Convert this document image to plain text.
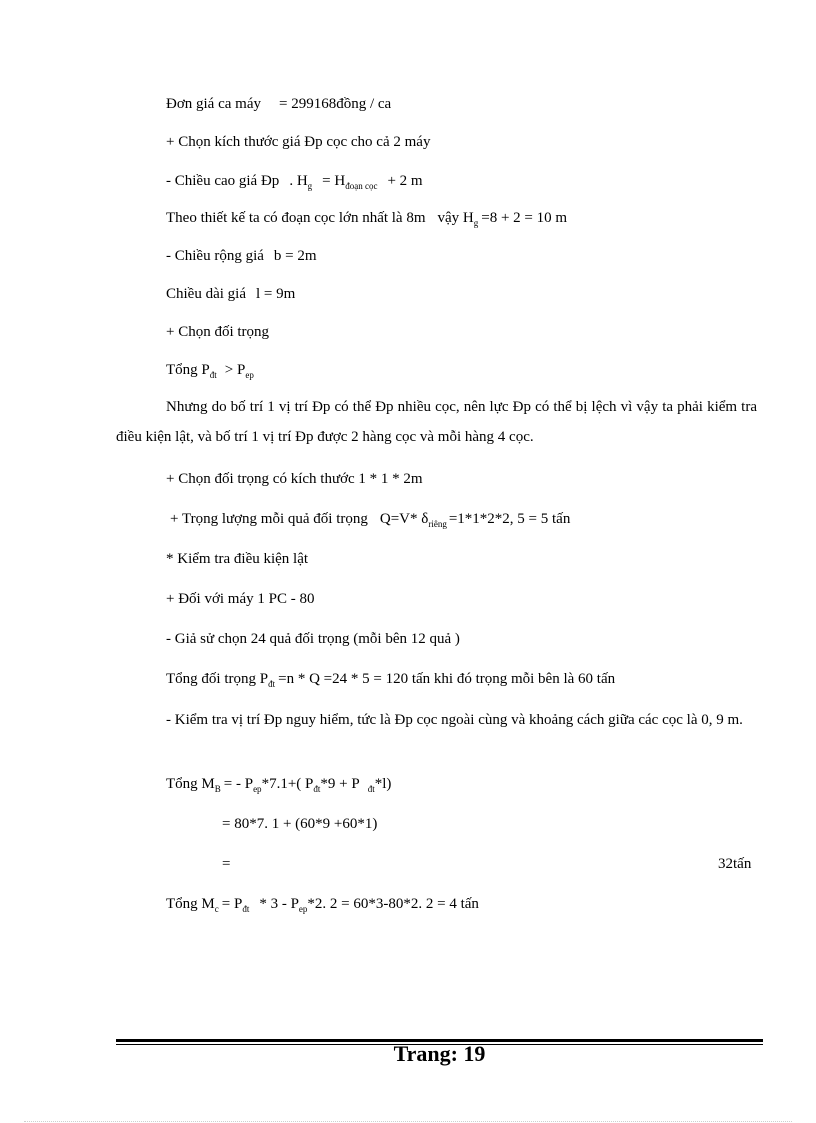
Đơn giá ca máy = 299168đồng / ca
+ Chọn kích thước giá Đp cọc cho cả 2 máy
- Chiều cao giá Đp . $H_g = H_{đoạn cọc} + 2$ m
Theo thiết kế ta có đoạn cọc lớn nhất là 8m vậy $H_g =8 + 2 = 10$ m
- Chiều rộng giá b = 2m
Chiều dài giá l = 9m
+ Chọn đối trọng
Tổng $P_{đt} > P_{ep}$
Nhưng do bố trí 1 vị trí Đp có thể Đp nhiều cọc, nên lực Đp có thể bị lệch vì vậy ta phải kiểm tra điều kiện lật, và bố trí 1 vị trí Đp được 2 hàng cọc và mỗi hàng 4 cọc.
+ Chọn đối trọng có kích thước 1 * 1 * 2m
+ Trọng lượng mỗi quả đối trọng Q=V* $\delta_{riêng} =1*1*2*2$, 5 = 5 tấn
* Kiểm tra điều kiện lật
+ Đối với máy 1 PC - 80
- Giả sử chọn 24 quả đối trọng (mỗi bên 12 quả )
Tổng đối trọng $P_{đt} =n * Q =24 * 5 = 120$ tấn khi đó trọng mỗi bên là 60 tấn
- Kiểm tra vị trí Đp nguy hiểm, tức là Đp cọc ngoài cùng và khoảng cách giữa các cọc là 0, 9 m.
Tổng $M_B$ = - $P_{ep}*7.1+$( $P_{đt}*9 + P$ $_{đt}$*l)
= 80*7. 1 + (60*9 +60*1)
=	32tấn
Tổng $M_c = P_{đt} * 3 - P_{ep}*2$. 2 = 60*3-80*2. 2 = 4 tấn
Trang: 19
